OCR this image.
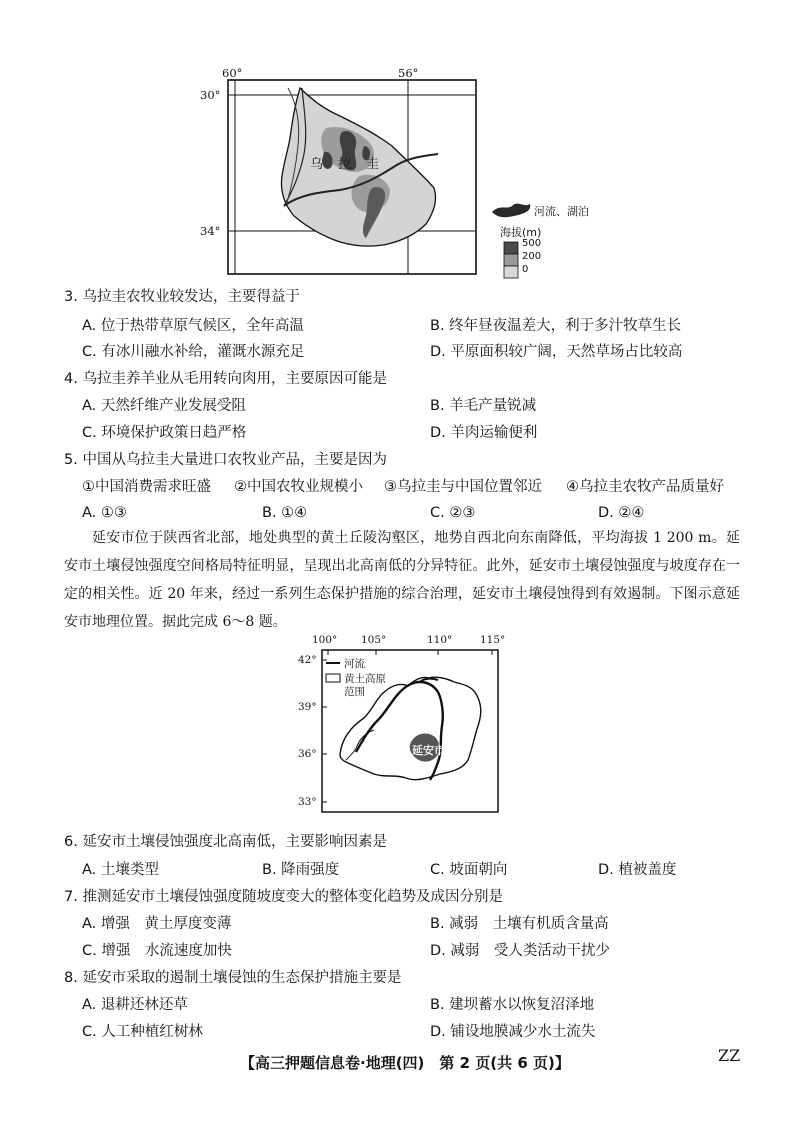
60°	56°
30°
34°
乌 拉 圭
河流、湖泊
海拔(m)
500
200
0
3. 乌拉圭农牧业较发达，主要得益于
A. 位于热带草原气候区，全年高温	B. 终年昼夜温差大，利于多汁牧草生长
C. 有冰川融水补给，灌溉水源充足	D. 平原面积较广阔，天然草场占比较高
4. 乌拉圭养羊业从毛用转向肉用，主要原因可能是
A. 天然纤维产业发展受阻	B. 羊毛产量锐减
C. 环境保护政策日趋严格	D. 羊肉运输便利
5. 中国从乌拉圭大量进口农牧业产品，主要是因为
①中国消费需求旺盛 ②中国农牧业规模小 ③乌拉圭与中国位置邻近 ④乌拉圭农牧产品质量好
A. ①③	B. ①④	C. ②③	D. ②④
延安市位于陕西省北部，地处典型的黄土丘陵沟壑区，地势自西北向东南降低，平均海拔 1 200 m。延安市土壤侵蚀强度空间格局特征明显，呈现出北高南低的分异特征。此外，延安市土壤侵蚀强度与坡度存在一定的相关性。近 20 年来，经过一系列生态保护措施的综合治理，延安市土壤侵蚀得到有效遏制。下图示意延安市地理位置。据此完成 6～8 题。
100° 105°	110°	115°
42°
39°
36°
33°
河流
黄土高原
范围
延安市
6. 延安市土壤侵蚀强度北高南低，主要影响因素是
A. 土壤类型	B. 降雨强度	C. 坡面朝向	D. 植被盖度
7. 推测延安市土壤侵蚀强度随坡度变大的整体变化趋势及成因分别是
A. 增强　黄土厚度变薄	B. 减弱　土壤有机质含量高
C. 增强　水流速度加快	D. 减弱　受人类活动干扰少
8. 延安市采取的遏制土壤侵蚀的生态保护措施主要是
A. 退耕还林还草	B. 建坝蓄水以恢复沼泽地
C. 人工种植红树林	D. 铺设地膜减少水土流失
【高三押题信息卷·地理(四)　第 2 页(共 6 页)】	ZZ
